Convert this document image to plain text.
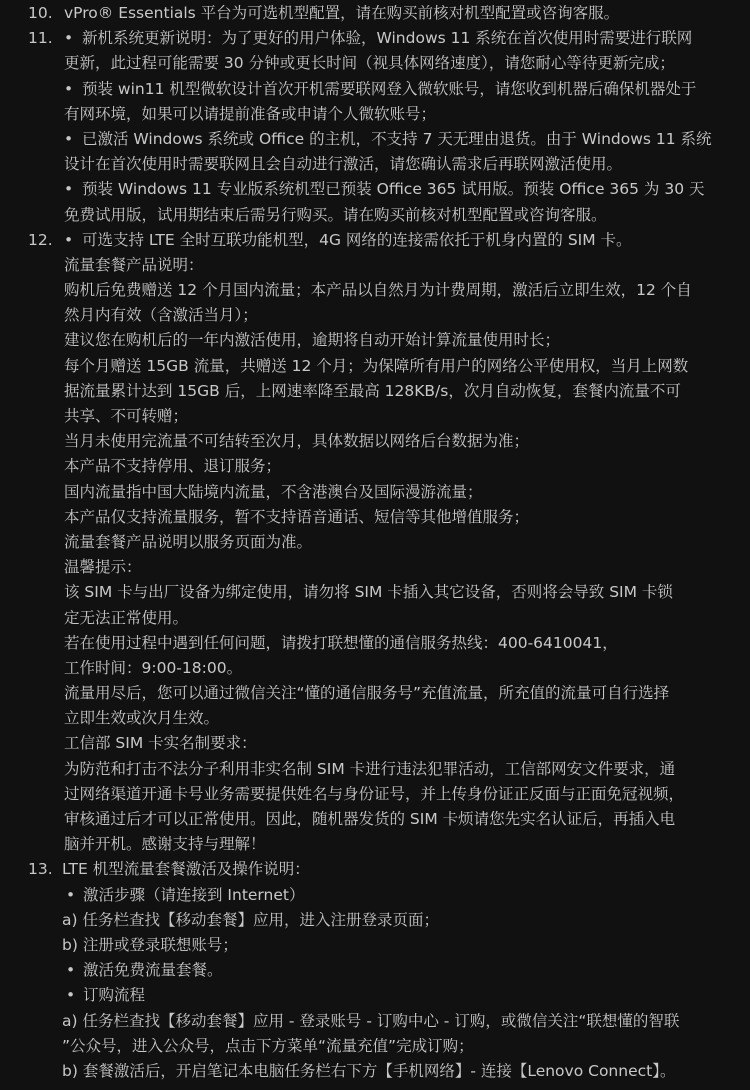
10. vPro® Essentials 平台为可选机型配置，请在购买前核对机型配置或咨询客服。
11. • 新机系统更新说明：为了更好的用户体验，Windows 11 系统在首次使用时需要进行联网
更新，此过程可能需要 30 分钟或更长时间（视具体网络速度），请您耐心等待更新完成；
• 预装 win11 机型微软设计首次开机需要联网登入微软账号，请您收到机器后确保机器处于
有网环境，如果可以请提前准备或申请个人微软账号；
• 已激活 Windows 系统或 Office 的主机，不支持 7 天无理由退货。由于 Windows 11 系统
设计在首次使用时需要联网且会自动进行激活，请您确认需求后再联网激活使用。
• 预装 Windows 11 专业版系统机型已预装 Office 365 试用版。预装 Office 365 为 30 天
免费试用版，试用期结束后需另行购买。请在购买前核对机型配置或咨询客服。
12. • 可选支持 LTE 全时互联功能机型，4G 网络的连接需依托于机身内置的 SIM 卡。
流量套餐产品说明：
购机后免费赠送 12 个月国内流量；本产品以自然月为计费周期，激活后立即生效，12 个自
然月内有效（含激活当月）；
建议您在购机后的一年内激活使用，逾期将自动开始计算流量使用时长；
每个月赠送 15GB 流量，共赠送 12 个月；为保障所有用户的网络公平使用权，当月上网数
据流量累计达到 15GB 后，上网速率降至最高 128KB/s，次月自动恢复，套餐内流量不可
共享、不可转赠；
当月未使用完流量不可结转至次月，具体数据以网络后台数据为准；
本产品不支持停用、退订服务；
国内流量指中国大陆境内流量，不含港澳台及国际漫游流量；
本产品仅支持流量服务，暂不支持语音通话、短信等其他增值服务；
流量套餐产品说明以服务页面为准。
温馨提示：
该 SIM 卡与出厂设备为绑定使用，请勿将 SIM 卡插入其它设备，否则将会导致 SIM 卡锁
定无法正常使用。
若在使用过程中遇到任何问题，请拨打联想懂的通信服务热线：400-6410041，
工作时间：9:00-18:00。
流量用尽后，您可以通过微信关注“懂的通信服务号”充值流量，所充值的流量可自行选择
立即生效或次月生效。
工信部 SIM 卡实名制要求：
为防范和打击不法分子利用非实名制 SIM 卡进行违法犯罪活动，工信部网安文件要求，通
过网络渠道开通卡号业务需要提供姓名与身份证号，并上传身份证正反面与正面免冠视频，
审核通过后才可以正常使用。因此，随机器发货的 SIM 卡烦请您先实名认证后，再插入电
脑并开机。感谢支持与理解！
13. LTE 机型流量套餐激活及操作说明：
• 激活步骤（请连接到 Internet）
a) 任务栏查找【移动套餐】应用，进入注册登录页面；
b) 注册或登录联想账号；
• 激活免费流量套餐。
• 订购流程
a) 任务栏查找【移动套餐】应用 - 登录账号 - 订购中心 - 订购，或微信关注“联想懂的智联
”公众号，进入公众号，点击下方菜单“流量充值”完成订购；
b) 套餐激活后，开启笔记本电脑任务栏右下方【手机网络】- 连接【Lenovo Connect】。
